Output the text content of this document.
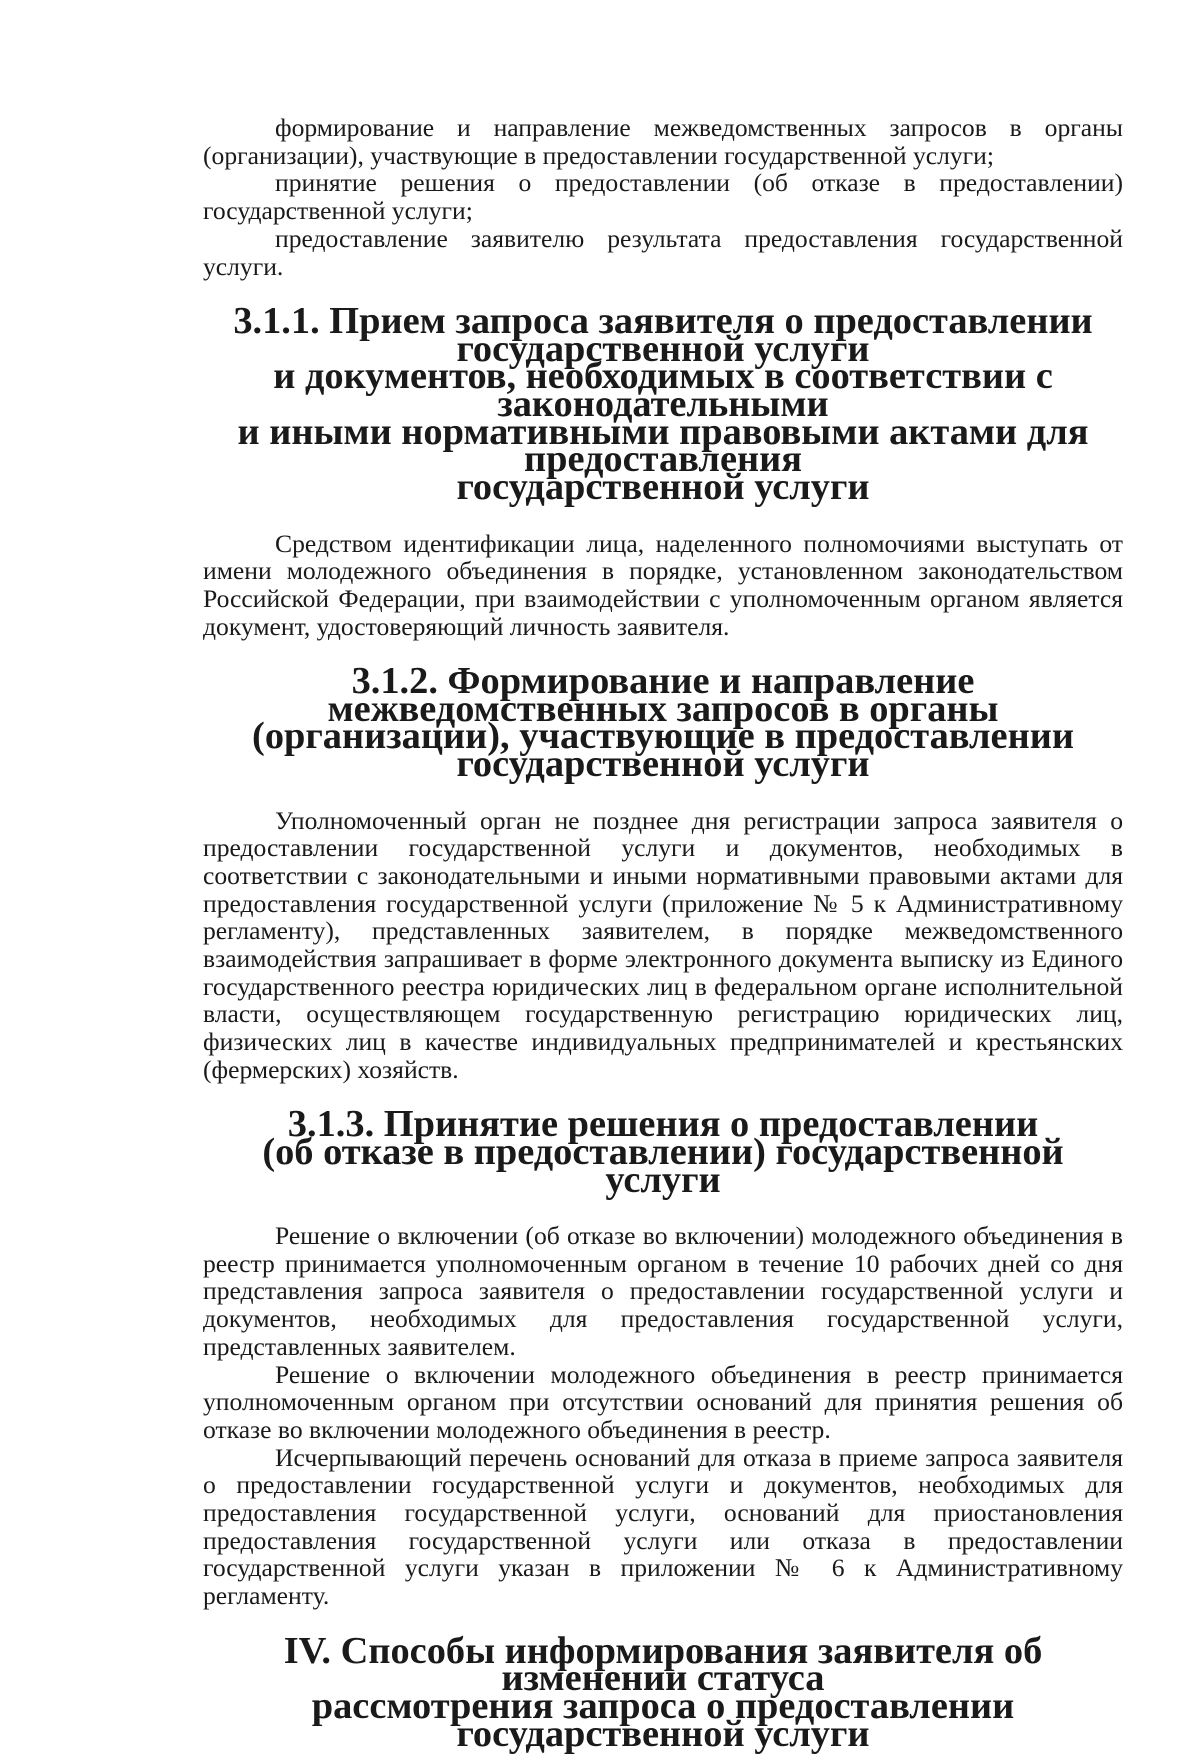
формирование и направление межведомственных запросов в органы (организации), участвующие в предоставлении государственной услуги;

принятие решения о предоставлении (об отказе в предоставлении) государственной услуги;

предоставление заявителю результата предоставления государственной услуги.

3.1.1. Прием запроса заявителя о предоставлении государственной услуги
и документов, необходимых в соответствии с законодательными
и иными нормативными правовыми актами для предоставления
государственной услуги

Средством идентификации лица, наделенного полномочиями выступать от имени молодежного объединения в порядке, установленном законодательством Российской Федерации, при взаимодействии с уполномоченным органом является документ, удостоверяющий личность заявителя.

3.1.2. Формирование и направление межведомственных запросов в органы
(организации), участвующие в предоставлении государственной услуги

Уполномоченный орган не позднее дня регистрации запроса заявителя о предоставлении государственной услуги и документов, необходимых в соответствии с законодательными и иными нормативными правовыми актами для предоставления государственной услуги (приложение № 5 к Административному регламенту), представленных заявителем, в порядке межведомственного взаимодействия запрашивает в форме электронного документа выписку из Единого государственного реестра юридических лиц в федеральном органе исполнительной власти, осуществляющем государственную регистрацию юридических лиц, физических лиц в качестве индивидуальных предпринимателей и крестьянских (фермерских) хозяйств.

3.1.3. Принятие решения о предоставлении
(об отказе в предоставлении) государственной услуги

Решение о включении (об отказе во включении) молодежного объединения в реестр принимается уполномоченным органом в течение 10 рабочих дней со дня представления запроса заявителя о предоставлении государственной услуги и документов, необходимых для предоставления государственной услуги, представленных заявителем.

Решение о включении молодежного объединения в реестр принимается уполномоченным органом при отсутствии оснований для принятия решения об отказе во включении молодежного объединения в реестр.

Исчерпывающий перечень оснований для отказа в приеме запроса заявителя о предоставлении государственной услуги и документов, необходимых для предоставления государственной услуги, оснований для приостановления предоставления государственной услуги или отказа в предоставлении государственной услуги указан в приложении № 6 к Административному регламенту.

IV. Способы информирования заявителя об изменении статуса
рассмотрения запроса о предоставлении государственной услуги
